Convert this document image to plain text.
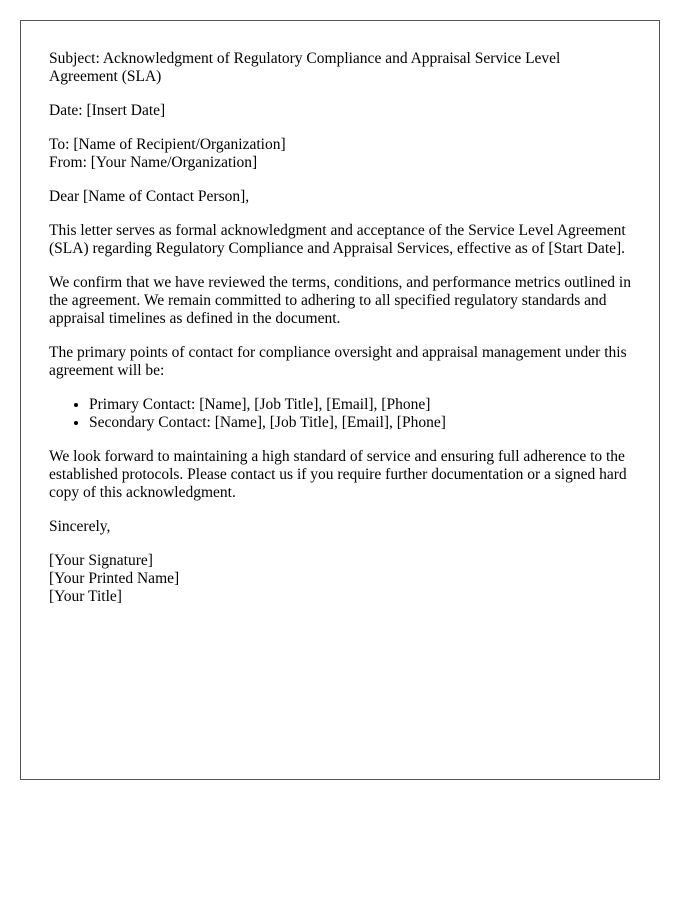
Subject: Acknowledgment of Regulatory Compliance and Appraisal Service Level Agreement (SLA)

Date: [Insert Date]

To: [Name of Recipient/Organization]
From: [Your Name/Organization]

Dear [Name of Contact Person],

This letter serves as formal acknowledgment and acceptance of the Service Level Agreement (SLA) regarding Regulatory Compliance and Appraisal Services, effective as of [Start Date].

We confirm that we have reviewed the terms, conditions, and performance metrics outlined in the agreement. We remain committed to adhering to all specified regulatory standards and appraisal timelines as defined in the document.

The primary points of contact for compliance oversight and appraisal management under this agreement will be:

• Primary Contact: [Name], [Job Title], [Email], [Phone]
• Secondary Contact: [Name], [Job Title], [Email], [Phone]

We look forward to maintaining a high standard of service and ensuring full adherence to the established protocols. Please contact us if you require further documentation or a signed hard copy of this acknowledgment.

Sincerely,

[Your Signature]
[Your Printed Name]
[Your Title]
